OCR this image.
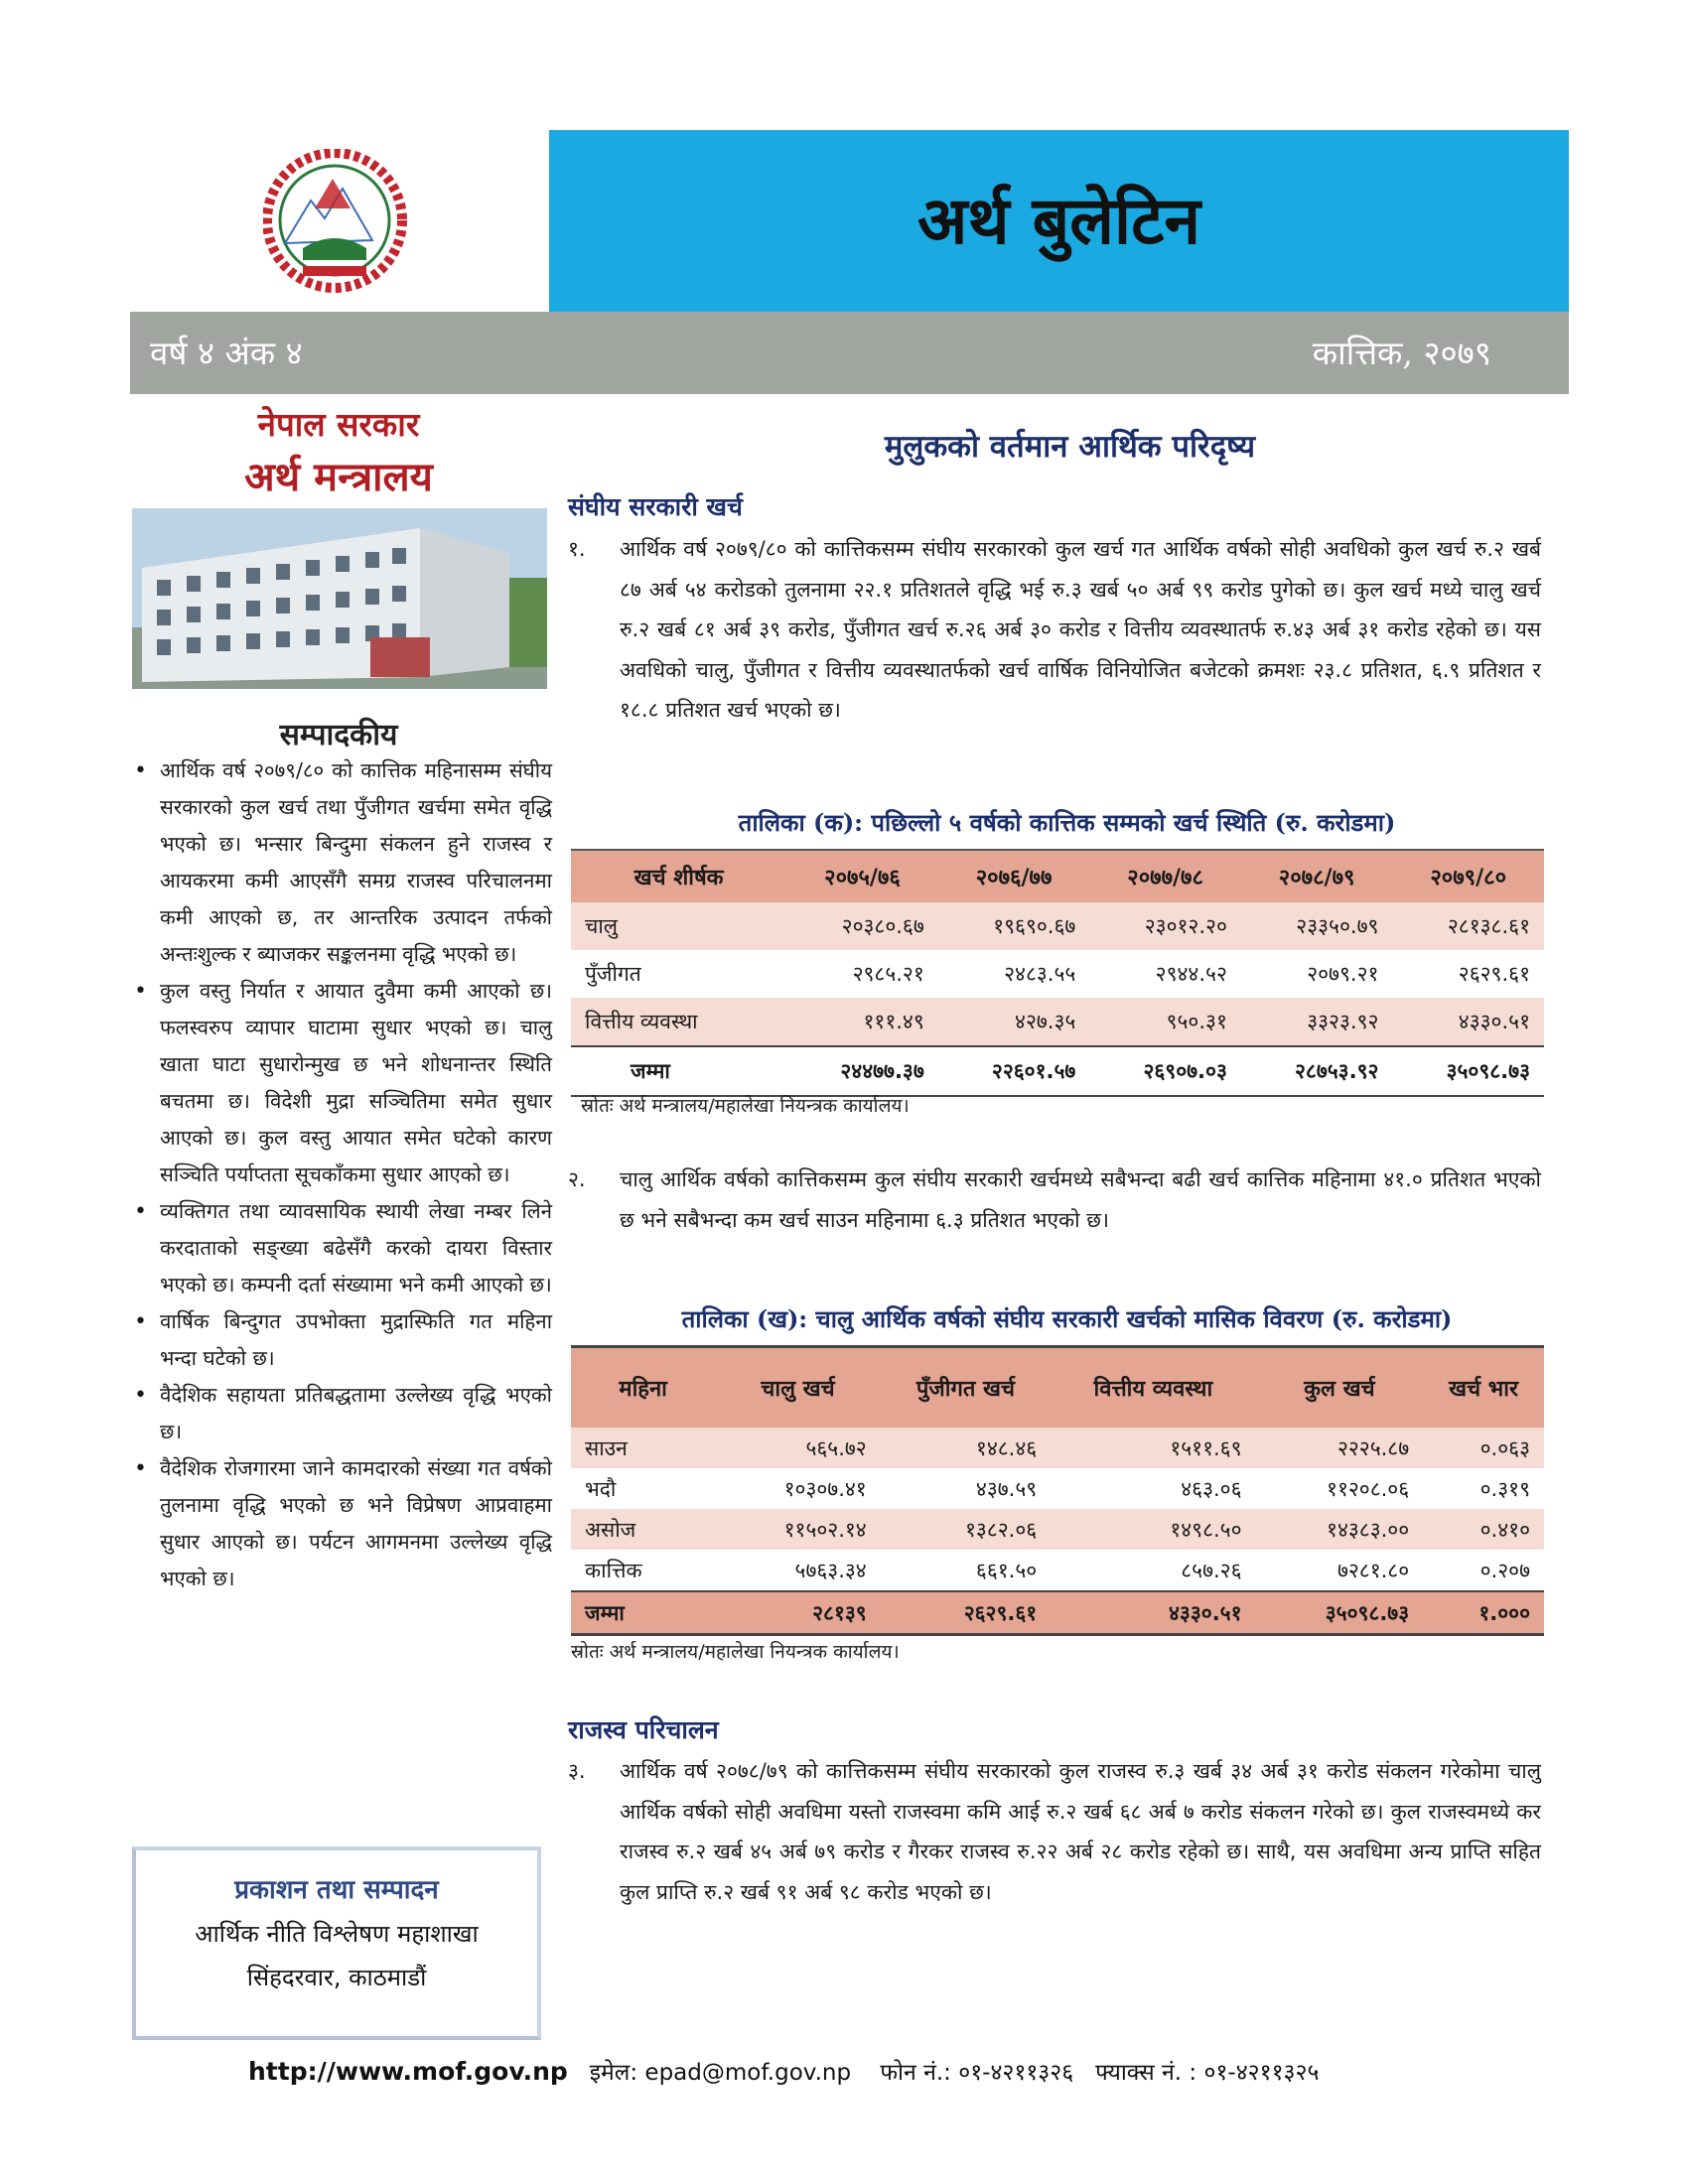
अर्थ बुलेटिन
वर्ष ४ अंक ४	कात्तिक, २०७९
नेपाल सरकार
अर्थ मन्त्रालय
सम्पादकीय
• आर्थिक वर्ष २०७९/८० को कात्तिक महिनासम्म संघीय सरकारको कुल खर्च तथा पुँजीगत खर्चमा समेत वृद्धि भएको छ। भन्सार बिन्दुमा संकलन हुने राजस्व र आयकरमा कमी आएसँगै समग्र राजस्व परिचालनमा कमी आएको छ, तर आन्तरिक उत्पादन तर्फको अन्तःशुल्क र ब्याजकर सङ्कलनमा वृद्धि भएको छ।
• कुल वस्तु निर्यात र आयात दुवैमा कमी आएको छ। फलस्वरुप व्यापार घाटामा सुधार भएको छ। चालु खाता घाटा सुधारोन्मुख छ भने शोधनान्तर स्थिति बचतमा छ। विदेशी मुद्रा सञ्चितिमा समेत सुधार आएको छ। कुल वस्तु आयात समेत घटेको कारण सञ्चिति पर्याप्तता सूचकाँकमा सुधार आएको छ।
• व्यक्तिगत तथा व्यावसायिक स्थायी लेखा नम्बर लिने करदाताको सङ्ख्या बढेसँगै करको दायरा विस्तार भएको छ। कम्पनी दर्ता संख्यामा भने कमी आएको छ।
• वार्षिक बिन्दुगत उपभोक्ता मुद्रास्फिति गत महिना भन्दा घटेको छ।
• वैदेशिक सहायता प्रतिबद्धतामा उल्लेख्य वृद्धि भएको छ।
• वैदेशिक रोजगारमा जाने कामदारको संख्या गत वर्षको तुलनामा वृद्धि भएको छ भने विप्रेषण आप्रवाहमा सुधार आएको छ। पर्यटन आगमनमा उल्लेख्य वृद्धि भएको छ।
प्रकाशन तथा सम्पादन
आर्थिक नीति विश्लेषण महाशाखा
सिंहदरवार, काठमाडौं
मुलुकको वर्तमान आर्थिक परिदृष्य
संघीय सरकारी खर्च
१. आर्थिक वर्ष २०७९/८० को कात्तिकसम्म संघीय सरकारको कुल खर्च गत आर्थिक वर्षको सोही अवधिको कुल खर्च रु.२ खर्ब ८७ अर्ब ५४ करोडको तुलनामा २२.१ प्रतिशतले वृद्धि भई रु.३ खर्ब ५० अर्ब ९९ करोड पुगेको छ। कुल खर्च मध्ये चालु खर्च रु.२ खर्ब ८१ अर्ब ३९ करोड, पुँजीगत खर्च रु.२६ अर्ब ३० करोड र वित्तीय व्यवस्थातर्फ रु.४३ अर्ब ३१ करोड रहेको छ। यस अवधिको चालु, पुँजीगत र वित्तीय व्यवस्थातर्फको खर्च वार्षिक विनियोजित बजेटको क्रमशः २३.८ प्रतिशत, ६.९ प्रतिशत र १८.८ प्रतिशत खर्च भएको छ।
तालिका (क): पछिल्लो ५ वर्षको कात्तिक सम्मको खर्च स्थिति (रु. करोडमा)
खर्च शीर्षक	२०७५/७६	२०७६/७७	२०७७/७८	२०७८/७९	२०७९/८०
चालु	२०३८०.६७	१९६९०.६७	२३०१२.२०	२३३५०.७९	२८१३८.६१
पुँजीगत	२९८५.२१	२४८३.५५	२९४४.५२	२०७९.२१	२६२९.६१
वित्तीय व्यवस्था	१११.४९	४२७.३५	९५०.३१	३३२३.९२	४३३०.५१
जम्मा	२४४७७.३७	२२६०१.५७	२६९०७.०३	२८७५३.९२	३५०९८.७३
स्रोतः अर्थ मन्त्रालय/महालेखा नियन्त्रक कार्यालय।
२. चालु आर्थिक वर्षको कात्तिकसम्म कुल संघीय सरकारी खर्चमध्ये सबैभन्दा बढी खर्च कात्तिक महिनामा ४१.० प्रतिशत भएको छ भने सबैभन्दा कम खर्च साउन महिनामा ६.३ प्रतिशत भएको छ।
तालिका (ख): चालु आर्थिक वर्षको संघीय सरकारी खर्चको मासिक विवरण (रु. करोडमा)
महिना	चालु खर्च	पुँजीगत खर्च	वित्तीय व्यवस्था	कुल खर्च	खर्च भार
साउन	५६५.७२	१४८.४६	१५११.६९	२२२५.८७	०.०६३
भदौ	१०३०७.४१	४३७.५९	४६३.०६	११२०८.०६	०.३१९
असोज	११५०२.१४	१३८२.०६	१४९८.५०	१४३८३.००	०.४१०
कात्तिक	५७६३.३४	६६१.५०	८५७.२६	७२८१.८०	०.२०७
जम्मा	२८१३९	२६२९.६१	४३३०.५१	३५०९८.७३	१.०००
स्रोतः अर्थ मन्त्रालय/महालेखा नियन्त्रक कार्यालय।
राजस्व परिचालन
३. आर्थिक वर्ष २०७८/७९ को कात्तिकसम्म संघीय सरकारको कुल राजस्व रु.३ खर्ब ३४ अर्ब ३१ करोड संकलन गरेकोमा चालु आर्थिक वर्षको सोही अवधिमा यस्तो राजस्वमा कमि आई रु.२ खर्ब ६८ अर्ब ७ करोड संकलन गरेको छ। कुल राजस्वमध्ये कर राजस्व रु.२ खर्ब ४५ अर्ब ७९ करोड र गैरकर राजस्व रु.२२ अर्ब २८ करोड रहेको छ। साथै, यस अवधिमा अन्य प्राप्ति सहित कुल प्राप्ति रु.२ खर्ब ९१ अर्ब ९८ करोड भएको छ।
http://www.mof.gov.np इमेल: epad@mof.gov.np फोन नं.: ०१-४२११३२६ फ्याक्स नं. : ०१-४२११३२५
